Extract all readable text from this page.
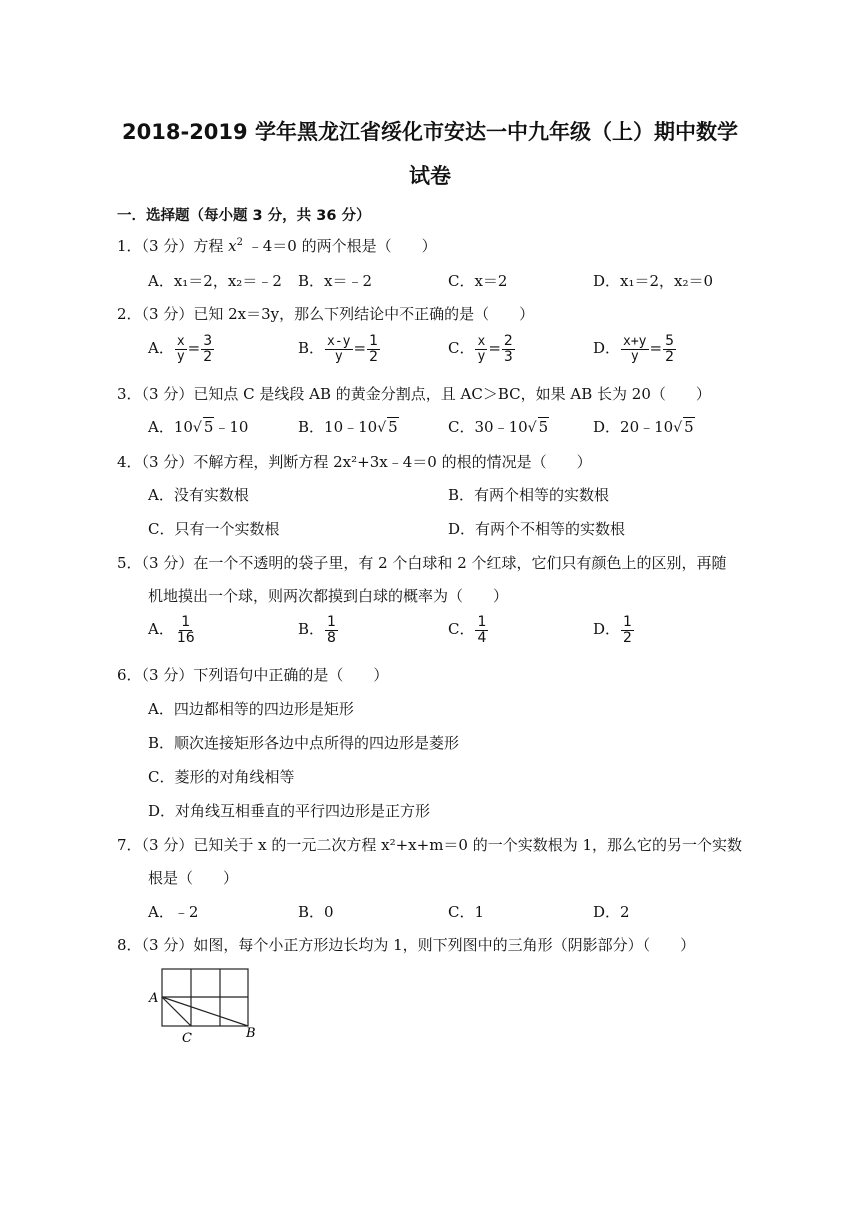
2018-2019 学年黑龙江省绥化市安达一中九年级（上）期中数学
试卷
一．选择题（每小题 3 分，共 36 分）
1．（3 分）方程 $x^2$ ﹣4＝0 的两个根是（　　）
A．x₁＝2，x₂＝﹣2 B．x＝﹣2	C．x＝2	D．x₁＝2，x₂＝0
2．（3 分）已知 2x＝3y，那么下列结论中不正确的是（　　）
A． $\frac{x}{y} = \frac{3}{2}$	B． $\frac{x-y}{y} = \frac{1}{2}$	C． $\frac{x}{y} = \frac{2}{3}$	D． $\frac{x+y}{y} = \frac{5}{2}$
3．（3 分）已知点 C 是线段 AB 的黄金分割点，且 AC＞BC，如果 AB 长为 20（　　）
A．10√ 5﹣10	B．10﹣10√ 5	C．30﹣10√ 5	D．20﹣10√ 5
4．（3 分）不解方程，判断方程 2x²+3x﹣4＝0 的根的情况是（　　）
A．没有实数根	B．有两个相等的实数根
C．只有一个实数根	D．有两个不相等的实数根
5．（3 分）在一个不透明的袋子里，有 2 个白球和 2 个红球，它们只有颜色上的区别，再随
机地摸出一个球，则两次都摸到白球的概率为（　　）
A． $\frac{1}{16}$	B． $\frac{1}{8}$	C． $\frac{1}{4}$	D． $\frac{1}{2}$
6．（3 分）下列语句中正确的是（　　）
A．四边都相等的四边形是矩形
B．顺次连接矩形各边中点所得的四边形是菱形
C．菱形的对角线相等
D．对角线互相垂直的平行四边形是正方形
7．（3 分）已知关于 x 的一元二次方程 x²+x+m＝0 的一个实数根为 1，那么它的另一个实数
根是（　　）
A．﹣2	B．0	C．1	D．2
8．（3 分）如图，每个小正方形边长均为 1，则下列图中的三角形（阴影部分）（　　）
A
C	B
